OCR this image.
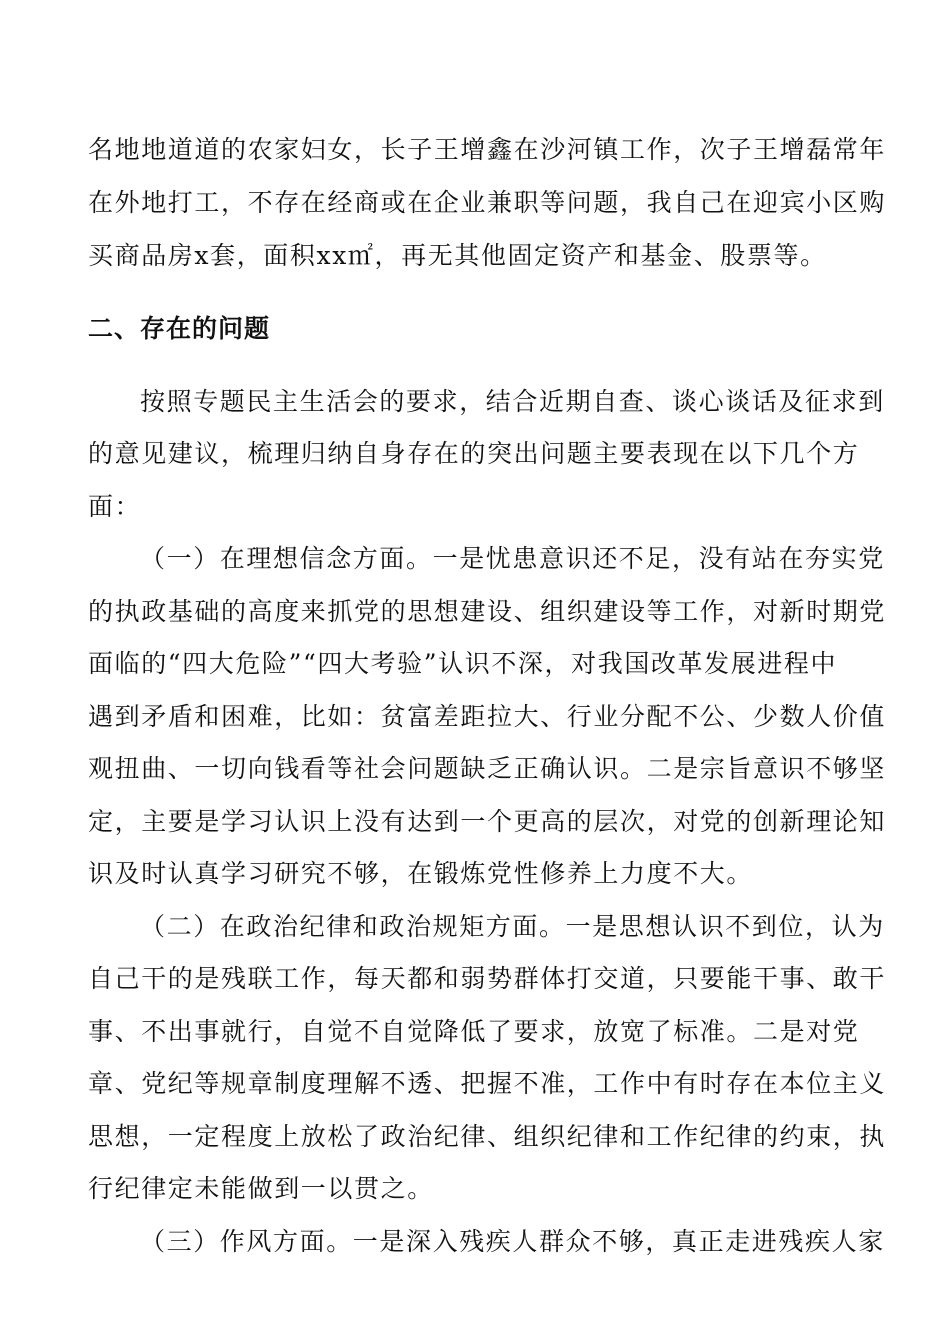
名地地道道的农家妇女，长子王增鑫在沙河镇工作，次子王增磊常年
在外地打工，不存在经商或在企业兼职等问题，我自己在迎宾小区购
买商品房x套，面积xx㎡，再无其他固定资产和基金、股票等。
二、存在的问题
按照专题民主生活会的要求，结合近期自查、谈心谈话及征求到
的意见建议，梳理归纳自身存在的突出问题主要表现在以下几个方
面：
（一）在理想信念方面。一是忧患意识还不足，没有站在夯实党
的执政基础的高度来抓党的思想建设、组织建设等工作，对新时期党
面临的“四大危险”“四大考验”认识不深，对我国改革发展进程中
遇到矛盾和困难，比如：贫富差距拉大、行业分配不公、少数人价值
观扭曲、一切向钱看等社会问题缺乏正确认识。二是宗旨意识不够坚
定，主要是学习认识上没有达到一个更高的层次，对党的创新理论知
识及时认真学习研究不够，在锻炼党性修养上力度不大。
（二）在政治纪律和政治规矩方面。一是思想认识不到位，认为
自己干的是残联工作，每天都和弱势群体打交道，只要能干事、敢干
事、不出事就行，自觉不自觉降低了要求，放宽了标准。二是对党
章、党纪等规章制度理解不透、把握不准，工作中有时存在本位主义
思想，一定程度上放松了政治纪律、组织纪律和工作纪律的约束，执
行纪律定未能做到一以贯之。
（三）作风方面。一是深入残疾人群众不够，真正走进残疾人家
